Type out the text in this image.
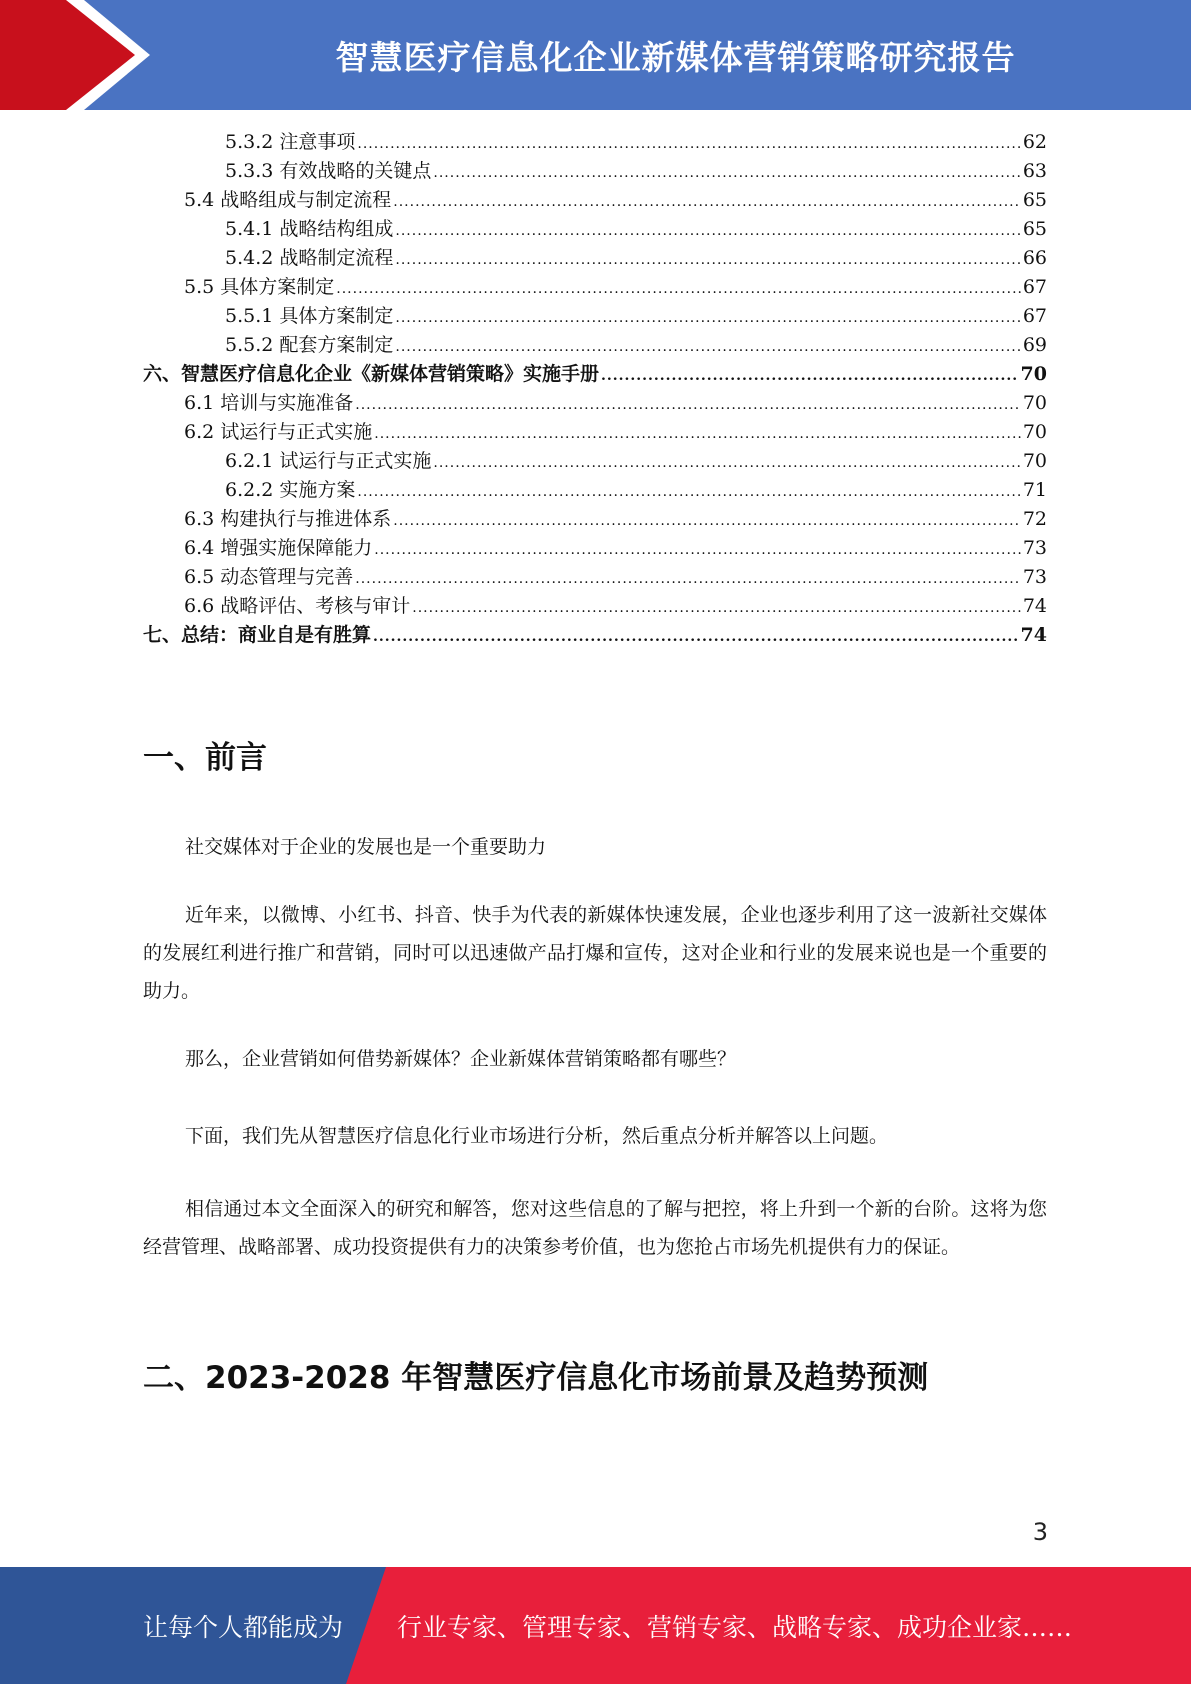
智慧医疗信息化企业新媒体营销策略研究报告
5.3.2 注意事项 .....	62
5.3.3 有效战略的关键点 .....	63
5.4 战略组成与制定流程 .....	65
5.4.1 战略结构组成 .....	65
5.4.2 战略制定流程 .....	66
5.5 具体方案制定 .....	67
5.5.1 具体方案制定 .....	67
5.5.2 配套方案制定 .....	69
六、智慧医疗信息化企业《新媒体营销策略》实施手册 .....	70
6.1 培训与实施准备 .....	70
6.2 试运行与正式实施 .....	70
6.2.1 试运行与正式实施 .....	70
6.2.2 实施方案 .....	71
6.3 构建执行与推进体系 .....	72
6.4 增强实施保障能力 .....	73
6.5 动态管理与完善 .....	73
6.6 战略评估、考核与审计 .....	74
七、总结：商业自是有胜算 .....	74
一、前言

社交媒体对于企业的发展也是一个重要助力

近年来，以微博、小红书、抖音、快手为代表的新媒体快速发展，企业也逐步利用了这一波新社交媒体的发展红利进行推广和营销，同时可以迅速做产品打爆和宣传，这对企业和行业的发展来说也是一个重要的助力。

那么，企业营销如何借势新媒体？企业新媒体营销策略都有哪些？

下面，我们先从智慧医疗信息化行业市场进行分析，然后重点分析并解答以上问题。

相信通过本文全面深入的研究和解答，您对这些信息的了解与把控，将上升到一个新的台阶。这将为您经营管理、战略部署、成功投资提供有力的决策参考价值，也为您抢占市场先机提供有力的保证。

二、2023-2028 年智慧医疗信息化市场前景及趋势预测
3
让每个人都能成为 行业专家、管理专家、营销专家、战略专家、成功企业家……
